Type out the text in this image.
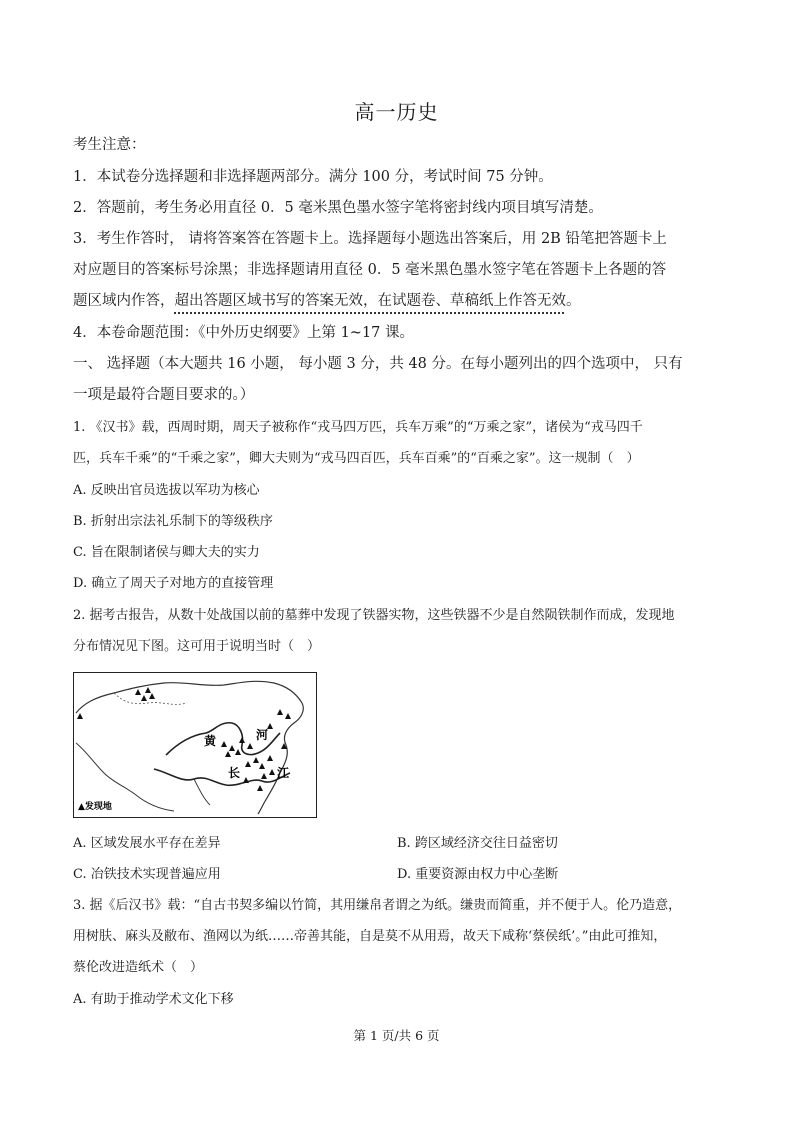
高一历史
考生注意：
1．本试卷分选择题和非选择题两部分。满分 100 分，考试时间 75 分钟。
2．答题前，考生务必用直径 0．5 毫米黑色墨水签字笔将密封线内项目填写清楚。
3．考生作答时， 请将答案答在答题卡上。选择题每小题选出答案后，用 2B 铅笔把答题卡上
对应题目的答案标号涂黑；非选择题请用直径 0．5 毫米黑色墨水签字笔在答题卡上各题的答
题区域内作答，超出答题区域书写的答案无效，在试题卷、草稿纸上作答无效。
4．本卷命题范围：《中外历史纲要》上第 1~17 课。
一、 选择题（本大题共 16 小题， 每小题 3 分，共 48 分。在每小题列出的四个选项中， 只有
一项是最符合题目要求的。）
1. 《汉书》载，西周时期，周天子被称作“戎马四万匹，兵车万乘”的“万乘之家”，诸侯为“戎马四千
匹，兵车千乘”的“千乘之家”，卿大夫则为“戎马四百匹，兵车百乘”的“百乘之家”。这一规制（　）
A. 反映出官员选拔以军功为核心
B. 折射出宗法礼乐制下的等级秩序
C. 旨在限制诸侯与卿大夫的实力
D. 确立了周天子对地方的直接管理
2. 据考古报告，从数十处战国以前的墓葬中发现了铁器实物，这些铁器不少是自然陨铁制作而成，发现地
分布情况见下图。这可用于说明当时（　）
黄	河
长	江
▲发现地
A. 区域发展水平存在差异	B. 跨区域经济交往日益密切
C. 冶铁技术实现普遍应用	D. 重要资源由权力中心垄断
3. 据《后汉书》载：“自古书契多编以竹简，其用缣帛者谓之为纸。缣贵而简重，并不便于人。伦乃造意，
用树肤、麻头及敝布、渔网以为纸……帝善其能，自是莫不从用焉，故天下咸称‘蔡侯纸’。”由此可推知，
蔡伦改进造纸术（　）
A. 有助于推动学术文化下移
第 1 页/共 6 页
